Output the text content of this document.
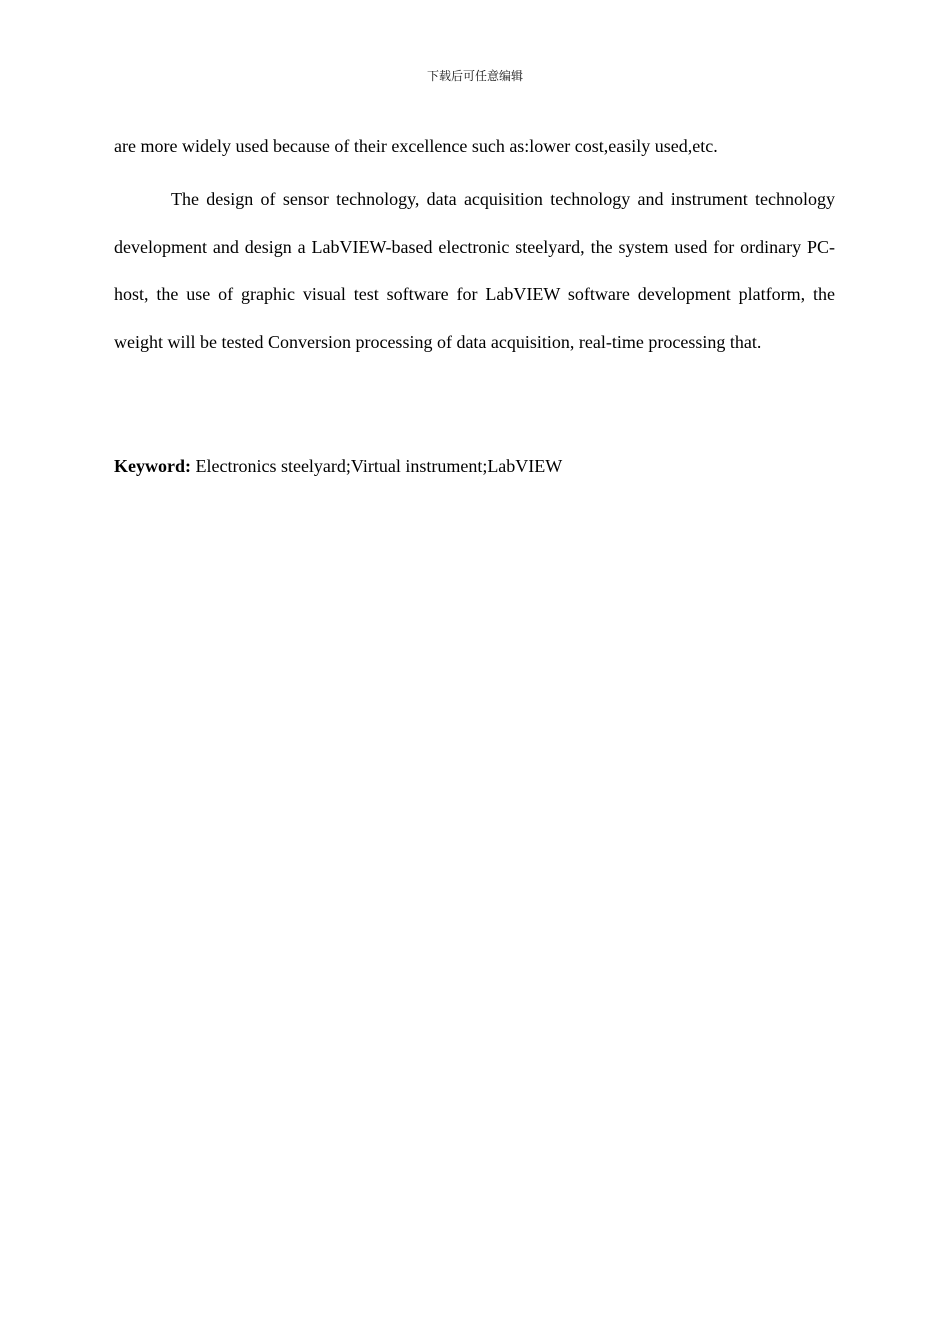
下载后可任意编辑

are more widely used because of their excellence such as:lower cost,easily used,etc.

The design of sensor technology, data acquisition technology and instrument technology development and design a LabVIEW-based electronic steelyard, the system used for ordinary PC-host, the use of graphic visual test software for LabVIEW software development platform, the weight will be tested Conversion processing of data acquisition, real-time processing that.

Keyword: Electronics steelyard;Virtual instrument;LabVIEW
